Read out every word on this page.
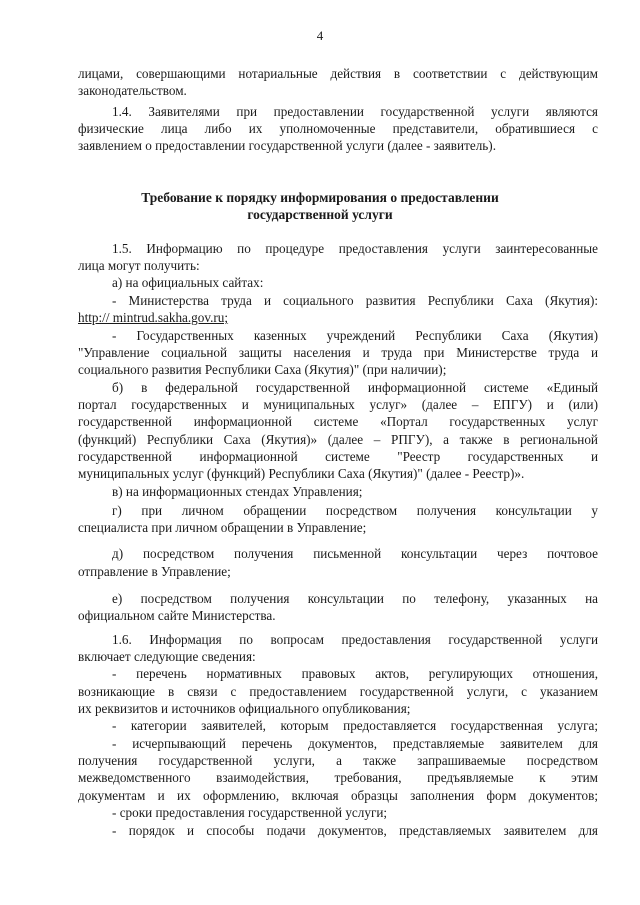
4
лицами, совершающими нотариальные действия в соответствии с действующим
законодательством.
1.4. Заявителями при предоставлении государственной услуги являются
физические лица либо их уполномоченные представители, обратившиеся с
заявлением о предоставлении государственной услуги (далее - заявитель).
Требование к порядку информирования о предоставлении
государственной услуги
1.5. Информацию по процедуре предоставления услуги заинтересованные
лица могут получить:
а) на официальных сайтах:
- Министерства труда и социального развития Республики Саха (Якутия):
http:// mintrud.sakha.gov.ru;
- Государственных казенных учреждений Республики Саха (Якутия)
"Управление социальной защиты населения и труда при Министерстве труда и
социального развития Республики Саха (Якутия)" (при наличии);
б) в федеральной государственной информационной системе «Единый
портал государственных и муниципальных услуг» (далее – ЕПГУ) и (или)
государственной информационной системе «Портал государственных услуг
(функций) Республики Саха (Якутия)» (далее – РПГУ), а также в региональной
государственной информационной системе "Реестр государственных и
муниципальных услуг (функций) Республики Саха (Якутия)" (далее - Реестр)».
в) на информационных стендах Управления;
г) при личном обращении посредством получения консультации у
специалиста при личном обращении в Управление;
д) посредством получения письменной консультации через почтовое
отправление в Управление;
е) посредством получения консультации по телефону, указанных на
официальном сайте Министерства.
1.6. Информация по вопросам предоставления государственной услуги
включает следующие сведения:
- перечень нормативных правовых актов, регулирующих отношения,
возникающие в связи с предоставлением государственной услуги, с указанием
их реквизитов и источников официального опубликования;
- категории заявителей, которым предоставляется государственная услуга;
- исчерпывающий перечень документов, представляемые заявителем для
получения государственной услуги, а также запрашиваемые посредством
межведомственного взаимодействия, требования, предъявляемые к этим
документам и их оформлению, включая образцы заполнения форм документов;
- сроки предоставления государственной услуги;
- порядок и способы подачи документов, представляемых заявителем для
